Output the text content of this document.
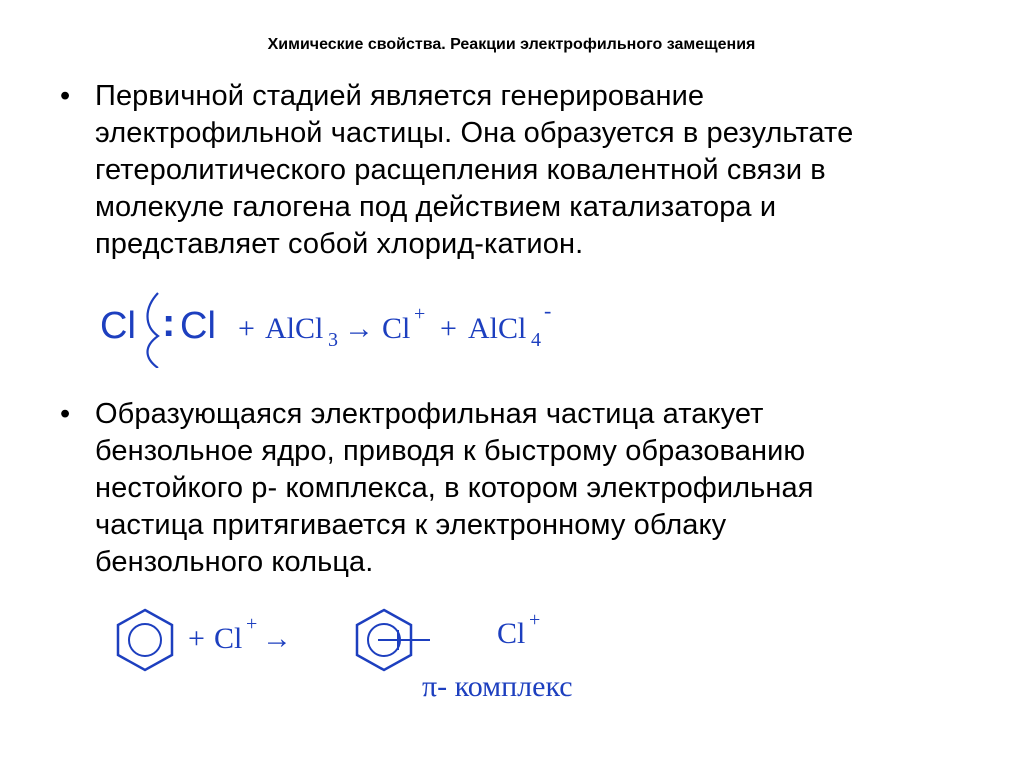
Химические свойства. Реакции электрофильного замещения
• Первичной стадией является генерирование
электрофильной частицы. Она образуется в результате
гетеролитического расщепления ковалентной связи в
молекуле галогена под действием катализатора и
представляет собой хлорид-катион.
Cl : Cl + AlCl 3 → Cl + + AlCl 4
-
• Образующаяся электрофильная частица атакует
бензольное ядро, приводя к быстрому образованию
нестойкого р- комплекса, в котором электрофильная
частица притягивается к электронному облаку
бензольного кольца.
+ Cl + →	Cl +
π- комплекс
